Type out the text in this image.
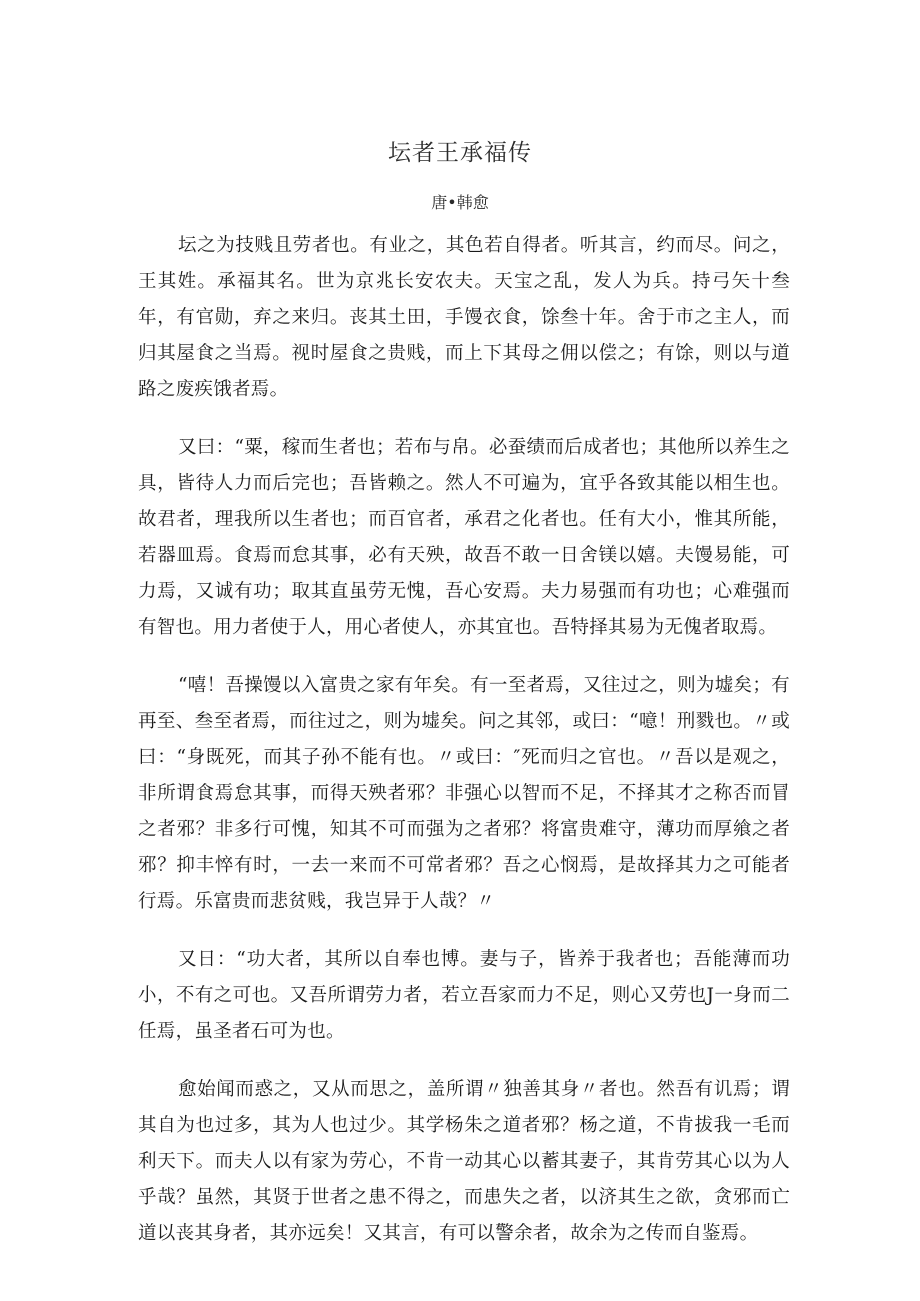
坛者王承福传
唐•韩愈

坛之为技贱且劳者也。有业之，其色若自得者。听其言，约而尽。问之，王其姓。承福其名。世为京兆长安农夫。天宝之乱，发人为兵。持弓矢十叁年，有官勋，弃之来归。丧其土田，手馒衣食，馀叁十年。舍于市之主人，而归其屋食之当焉。视时屋食之贵贱，而上下其母之佣以偿之；有馀，则以与道路之废疾饿者焉。

又曰：“粟，稼而生者也；若布与帛。必蚕绩而后成者也；其他所以养生之具，皆待人力而后完也；吾皆赖之。然人不可遍为，宜乎各致其能以相生也。故君者，理我所以生者也；而百官者，承君之化者也。任有大小，惟其所能，若器皿焉。食焉而怠其事，必有天殃，故吾不敢一日舍镁以嬉。夫馒易能，可力焉，又诚有功；取其直虽劳无愧，吾心安焉。夫力易强而有功也；心难强而有智也。用力者使于人，用心者使人，亦其宜也。吾特择其易为无傀者取焉。

“嘻！吾操馒以入富贵之家有年矣。有一至者焉，又往过之，则为墟矣；有再至、叁至者焉，而往过之，则为墟矣。问之其邻，或曰：“噫！刑戮也。〃或曰：“身既死，而其子孙不能有也。〃或曰：″死而归之官也。〃吾以是观之，非所谓食焉怠其事，而得天殃者邪？非强心以智而不足，不择其才之称否而冒之者邪？非多行可愧，知其不可而强为之者邪？将富贵难守，薄功而厚飨之者邪？抑丰悴有时，一去一来而不可常者邪？吾之心悯焉，是故择其力之可能者行焉。乐富贵而悲贫贱，我岂异于人哉？〃

又日：“功大者，其所以自奉也博。妻与子，皆养于我者也；吾能薄而功小，不有之可也。又吾所谓劳力者，若立吾家而力不足，则心又劳也J一身而二任焉，虽圣者石可为也。

愈始闻而惑之，又从而思之，盖所谓〃独善其身〃者也。然吾有讥焉；谓其自为也过多，其为人也过少。其学杨朱之道者邪？杨之道，不肯拔我一毛而利天下。而夫人以有家为劳心，不肯一动其心以蓄其妻子，其肯劳其心以为人乎哉？虽然，其贤于世者之患不得之，而患失之者，以济其生之欲，贪邪而亡道以丧其身者，其亦远矣！又其言，有可以警余者，故余为之传而自鉴焉。
